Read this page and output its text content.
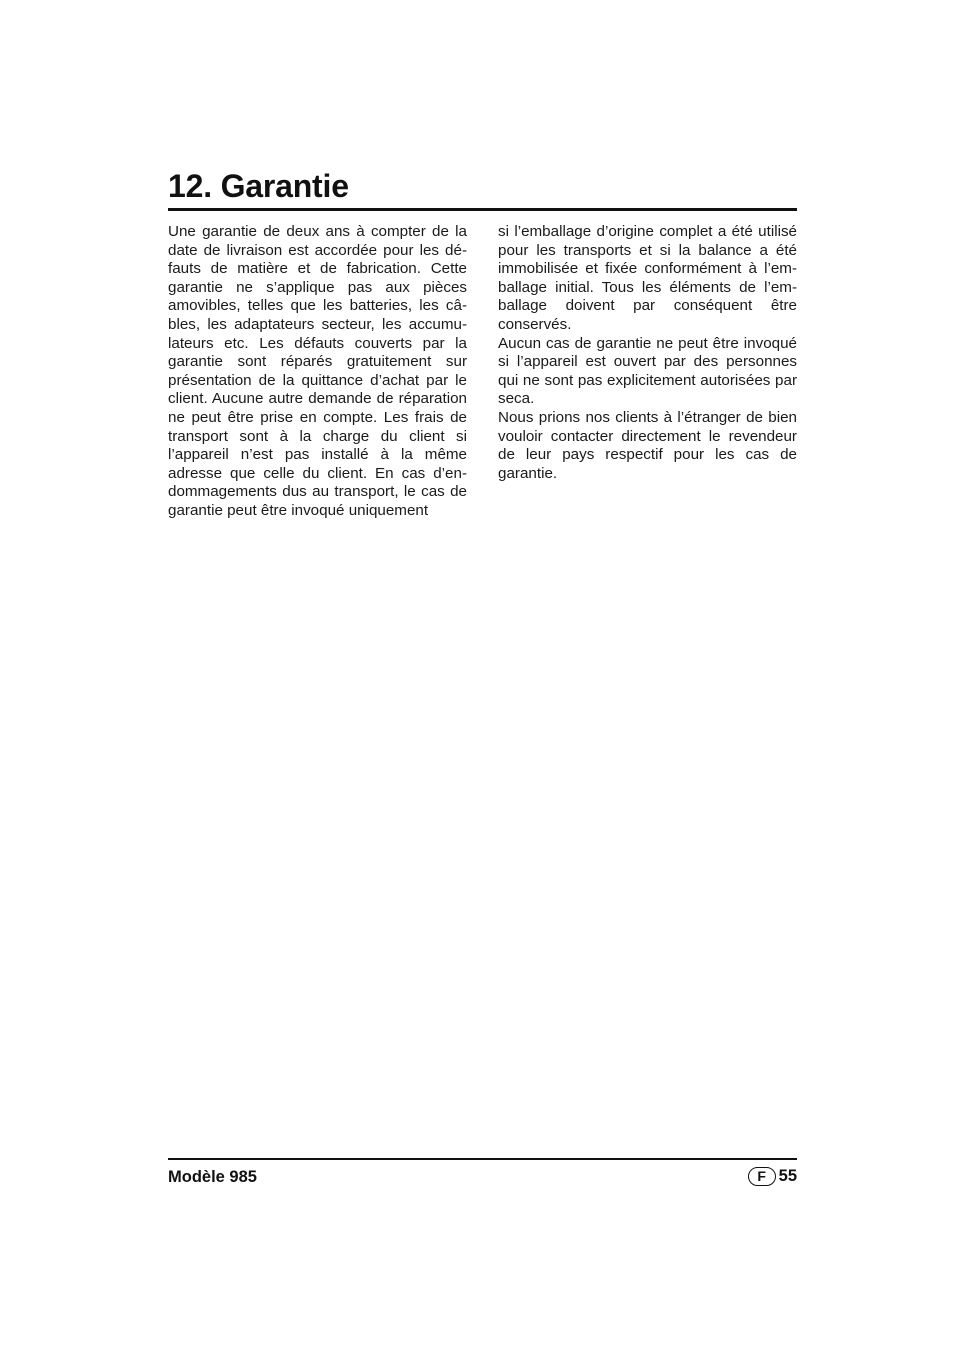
12. Garantie

Une garantie de deux ans à compter de la date de livraison est accordée pour les défauts de matière et de fabrication. Cette garantie ne s’applique pas aux pièces amovibles, telles que les batteries, les câbles, les adaptateurs secteur, les accumulateurs etc. Les défauts couverts par la garantie sont réparés gratuitement sur présentation de la quittance d’achat par le client. Aucune autre demande de réparation ne peut être prise en compte. Les frais de transport sont à la charge du client si l’appareil n’est pas installé à la même adresse que celle du client. En cas d’endommagements dus au transport, le cas de garantie peut être invoqué uniquement

si l’emballage d’origine complet a été utilisé pour les transports et si la balance a été immobilisée et fixée conformément à l’emballage initial. Tous les éléments de l’emballage doivent par conséquent être conservés.

Aucun cas de garantie ne peut être invoqué si l’appareil est ouvert par des personnes qui ne sont pas explicitement autorisées par seca.

Nous prions nos clients à l’étranger de bien vouloir contacter directement le revendeur de leur pays respectif pour les cas de garantie.

Modèle 985	F 55
